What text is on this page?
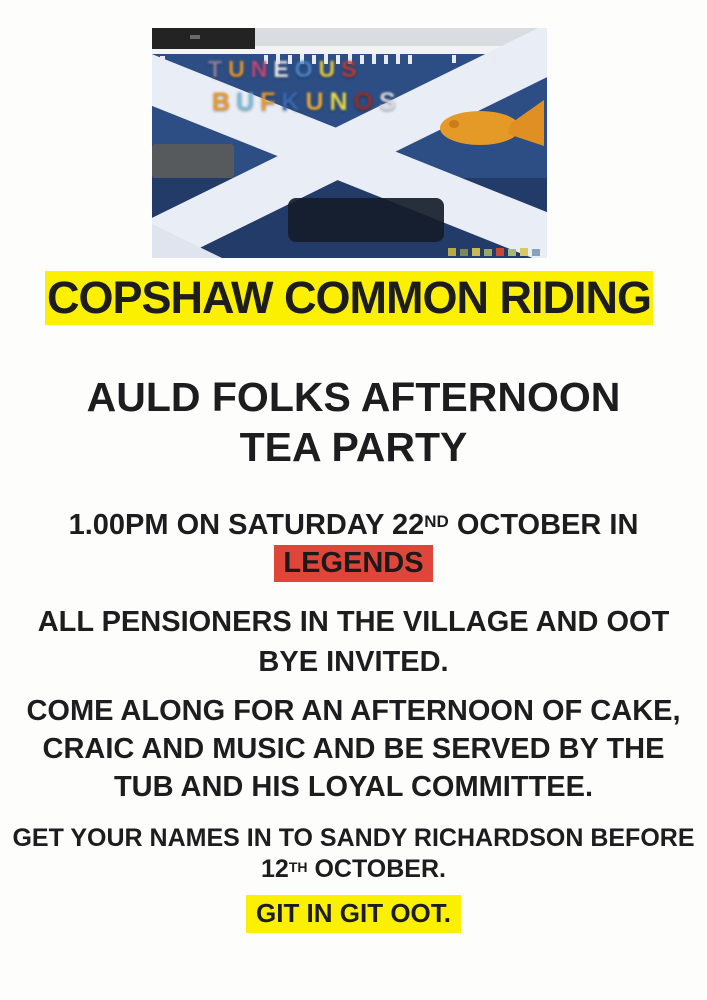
T U N E O U S
B U F K U N O S
COPSHAW COMMON RIDING
AULD FOLKS AFTERNOON
TEA PARTY
1.00PM ON SATURDAY 22ND OCTOBER IN
LEGENDS
ALL PENSIONERS IN THE VILLAGE AND OOT
BYE INVITED.
COME ALONG FOR AN AFTERNOON OF CAKE,
CRAIC AND MUSIC AND BE SERVED BY THE
TUB AND HIS LOYAL COMMITTEE.
GET YOUR NAMES IN TO SANDY RICHARDSON BEFORE
12TH OCTOBER.
GIT IN GIT OOT.
